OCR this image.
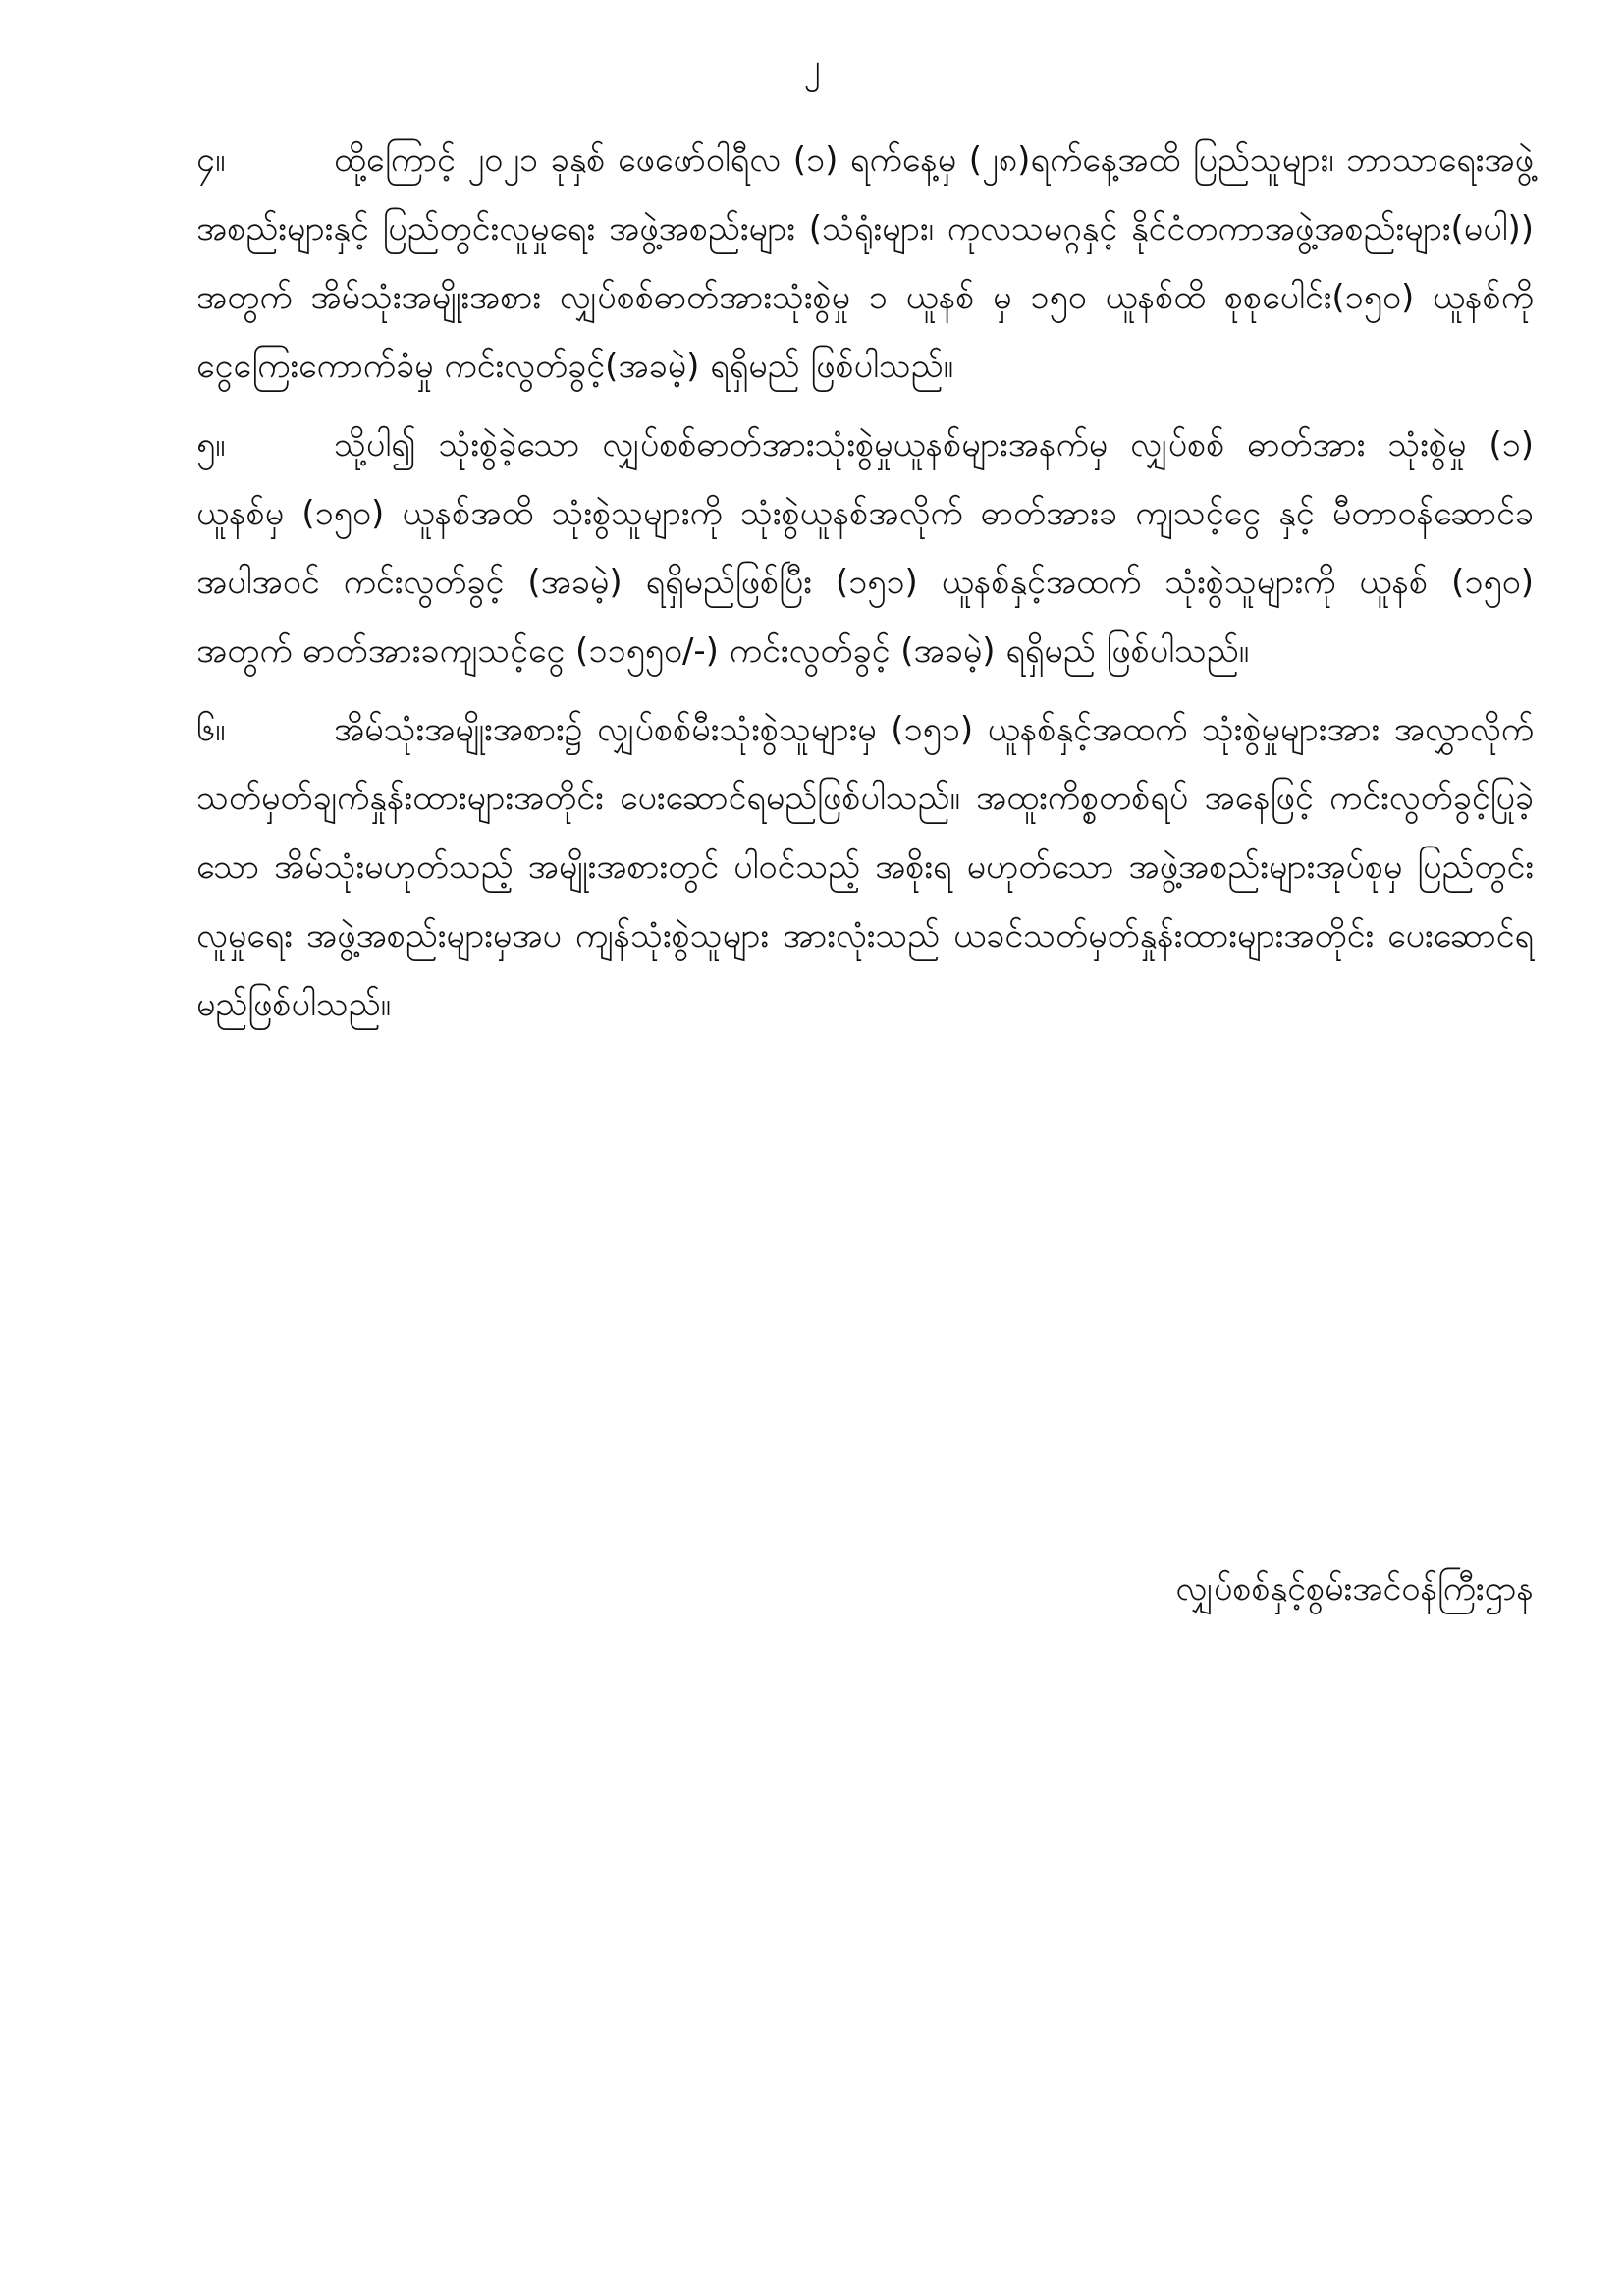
၂

၄။	ထို့ကြောင့် ၂၀၂၁ ခုနှစ် ဖေဖော်ဝါရီလ (၁) ရက်နေ့မှ (၂၈)ရက်နေ့အထိ ပြည်သူများ၊ ဘာသာရေးအဖွဲ့အစည်းများနှင့် ပြည်တွင်းလူမှုရေး အဖွဲ့အစည်းများ (သံရုံးများ၊ ကုလသမဂ္ဂနှင့် နိုင်ငံတကာအဖွဲ့အစည်းများ(မပါ)) အတွက် အိမ်သုံးအမျိုးအစား လျှပ်စစ်ဓာတ်အားသုံးစွဲမှု ၁ ယူနစ် မှ ၁၅၀ ယူနစ်ထိ စုစုပေါင်း(၁၅၀) ယူနစ်ကို ငွေကြေးကောက်ခံမှု ကင်းလွတ်ခွင့်(အခမဲ့) ရရှိမည် ဖြစ်ပါသည်။

၅။	သို့ပါ၍ သုံးစွဲခဲ့သော လျှပ်စစ်ဓာတ်အားသုံးစွဲမှုယူနစ်များအနက်မှ လျှပ်စစ် ဓာတ်အား သုံးစွဲမှု (၁) ယူနစ်မှ (၁၅၀) ယူနစ်အထိ သုံးစွဲသူများကို သုံးစွဲယူနစ်အလိုက် ဓာတ်အားခ ကျသင့်ငွေ နှင့် မီတာဝန်ဆောင်ခ အပါအဝင် ကင်းလွတ်ခွင့် (အခမဲ့) ရရှိမည်ဖြစ်ပြီး (၁၅၁) ယူနစ်နှင့်အထက် သုံးစွဲသူများကို ယူနစ် (၁၅၀) အတွက် ဓာတ်အားခကျသင့်ငွေ (၁၁၅၅၀/-) ကင်းလွတ်ခွင့် (အခမဲ့) ရရှိမည် ဖြစ်ပါသည်။

၆။	အိမ်သုံးအမျိုးအစား၌ လျှပ်စစ်မီးသုံးစွဲသူများမှ (၁၅၁) ယူနစ်နှင့်အထက် သုံးစွဲမှုများအား အလွှာလိုက်သတ်မှတ်ချက်နှုန်းထားများအတိုင်း ပေးဆောင်ရမည်ဖြစ်ပါသည်။ အထူးကိစ္စတစ်ရပ် အနေဖြင့် ကင်းလွတ်ခွင့်ပြုခဲ့သော အိမ်သုံးမဟုတ်သည့် အမျိုးအစားတွင် ပါဝင်သည့် အစိုးရ မဟုတ်သော အဖွဲ့အစည်းများအုပ်စုမှ ပြည်တွင်းလူမှုရေး အဖွဲ့အစည်းများမှအပ ကျန်သုံးစွဲသူများ အားလုံးသည် ယခင်သတ်မှတ်နှုန်းထားများအတိုင်း ပေးဆောင်ရမည်ဖြစ်ပါသည်။

လျှပ်စစ်နှင့်စွမ်းအင်ဝန်ကြီးဌာန
